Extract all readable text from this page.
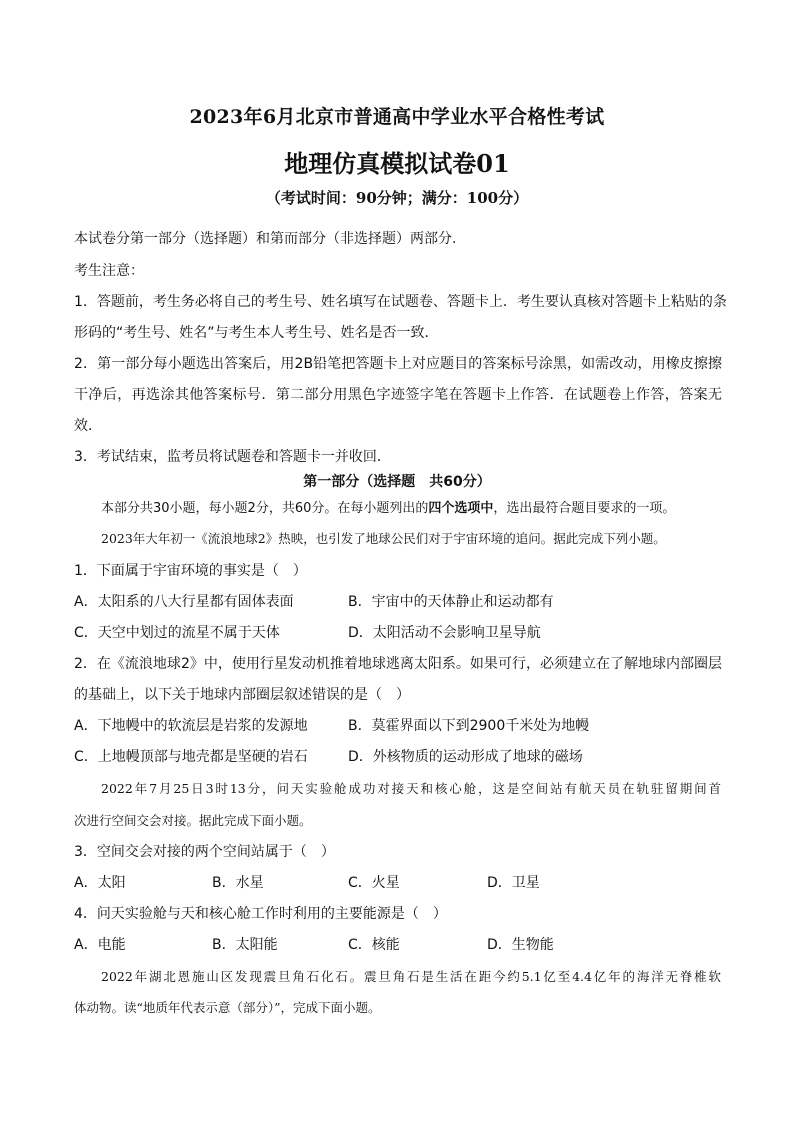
2023年6月北京市普通高中学业水平合格性考试
地理仿真模拟试卷01
（考试时间：90分钟；满分：100分）
本试卷分第一部分（选择题）和第而部分（非选择题）两部分.
考生注意：
1．答题前，考生务必将自己的考生号、姓名填写在试题卷、答题卡上．考生要认真核对答题卡上粘贴的条
形码的“考生号、姓名”与考生本人考生号、姓名是否一致．
2．第一部分每小题选出答案后，用2B铅笔把答题卡上对应题目的答案标号涂黑，如需改动，用橡皮擦擦
干净后，再选涂其他答案标号．第二部分用黑色字迹签字笔在答题卡上作答．在试题卷上作答，答案无
效．
3．考试结束，监考员将试题卷和答题卡一并收回．
第一部分（选择题　共60分）
本部分共30小题，每小题2分，共60分。在每小题列出的四个选项中，选出最符合题目要求的一项。
2023年大年初一《流浪地球2》热映，也引发了地球公民们对于宇宙环境的追问。据此完成下列小题。
1．下面属于宇宙环境的事实是（　）
A．太阳系的八大行星都有固体表面	B．宇宙中的天体静止和运动都有
C．天空中划过的流星不属于天体	D．太阳活动不会影响卫星导航
2．在《流浪地球2》中，使用行星发动机推着地球逃离太阳系。如果可行，必须建立在了解地球内部圈层
的基础上，以下关于地球内部圈层叙述错误的是（　）
A．下地幔中的软流层是岩浆的发源地	B．莫霍界面以下到2900千米处为地幔
C．上地幔顶部与地壳都是坚硬的岩石	D．外核物质的运动形成了地球的磁场
2022年7月25日3时13分，问天实验舱成功对接天和核心舱，这是空间站有航天员在轨驻留期间首
次进行空间交会对接。据此完成下面小题。
3．空间交会对接的两个空间站属于（　）
A．太阳	B．水星	C．火星	D．卫星
4．问天实验舱与天和核心舱工作时利用的主要能源是（　）
A．电能	B．太阳能	C．核能	D．生物能
2022年湖北恩施山区发现震旦角石化石。震旦角石是生活在距今约5.1亿至4.4亿年的海洋无脊椎软
体动物。读“地质年代表示意（部分）”，完成下面小题。
